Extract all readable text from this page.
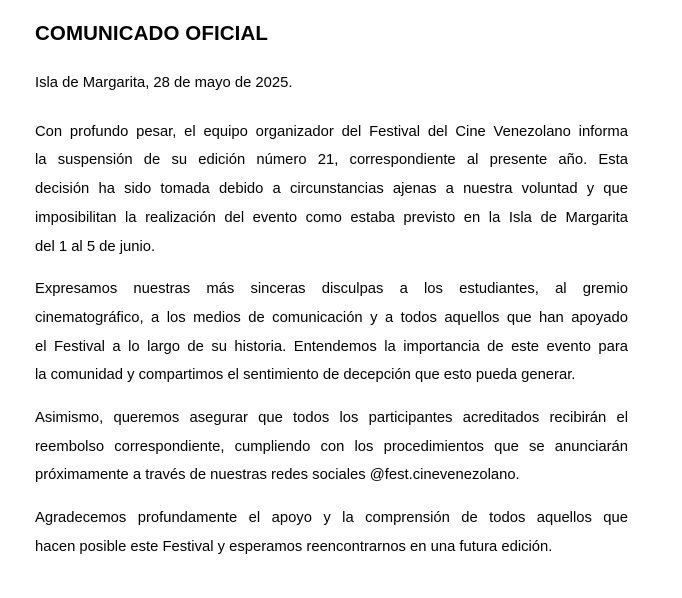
COMUNICADO OFICIAL

Isla de Margarita, 28 de mayo de 2025.

Con profundo pesar, el equipo organizador del Festival del Cine Venezolano informa
la suspensión de su edición número 21, correspondiente al presente año. Esta
decisión ha sido tomada debido a circunstancias ajenas a nuestra voluntad y que
imposibilitan la realización del evento como estaba previsto en la Isla de Margarita
del 1 al 5 de junio.
Expresamos nuestras más sinceras disculpas a los estudiantes, al gremio
cinematográfico, a los medios de comunicación y a todos aquellos que han apoyado
el Festival a lo largo de su historia. Entendemos la importancia de este evento para
la comunidad y compartimos el sentimiento de decepción que esto pueda generar.
Asimismo, queremos asegurar que todos los participantes acreditados recibirán el
reembolso correspondiente, cumpliendo con los procedimientos que se anunciarán
próximamente a través de nuestras redes sociales @fest.cinevenezolano.
Agradecemos profundamente el apoyo y la comprensión de todos aquellos que
hacen posible este Festival y esperamos reencontrarnos en una futura edición.
